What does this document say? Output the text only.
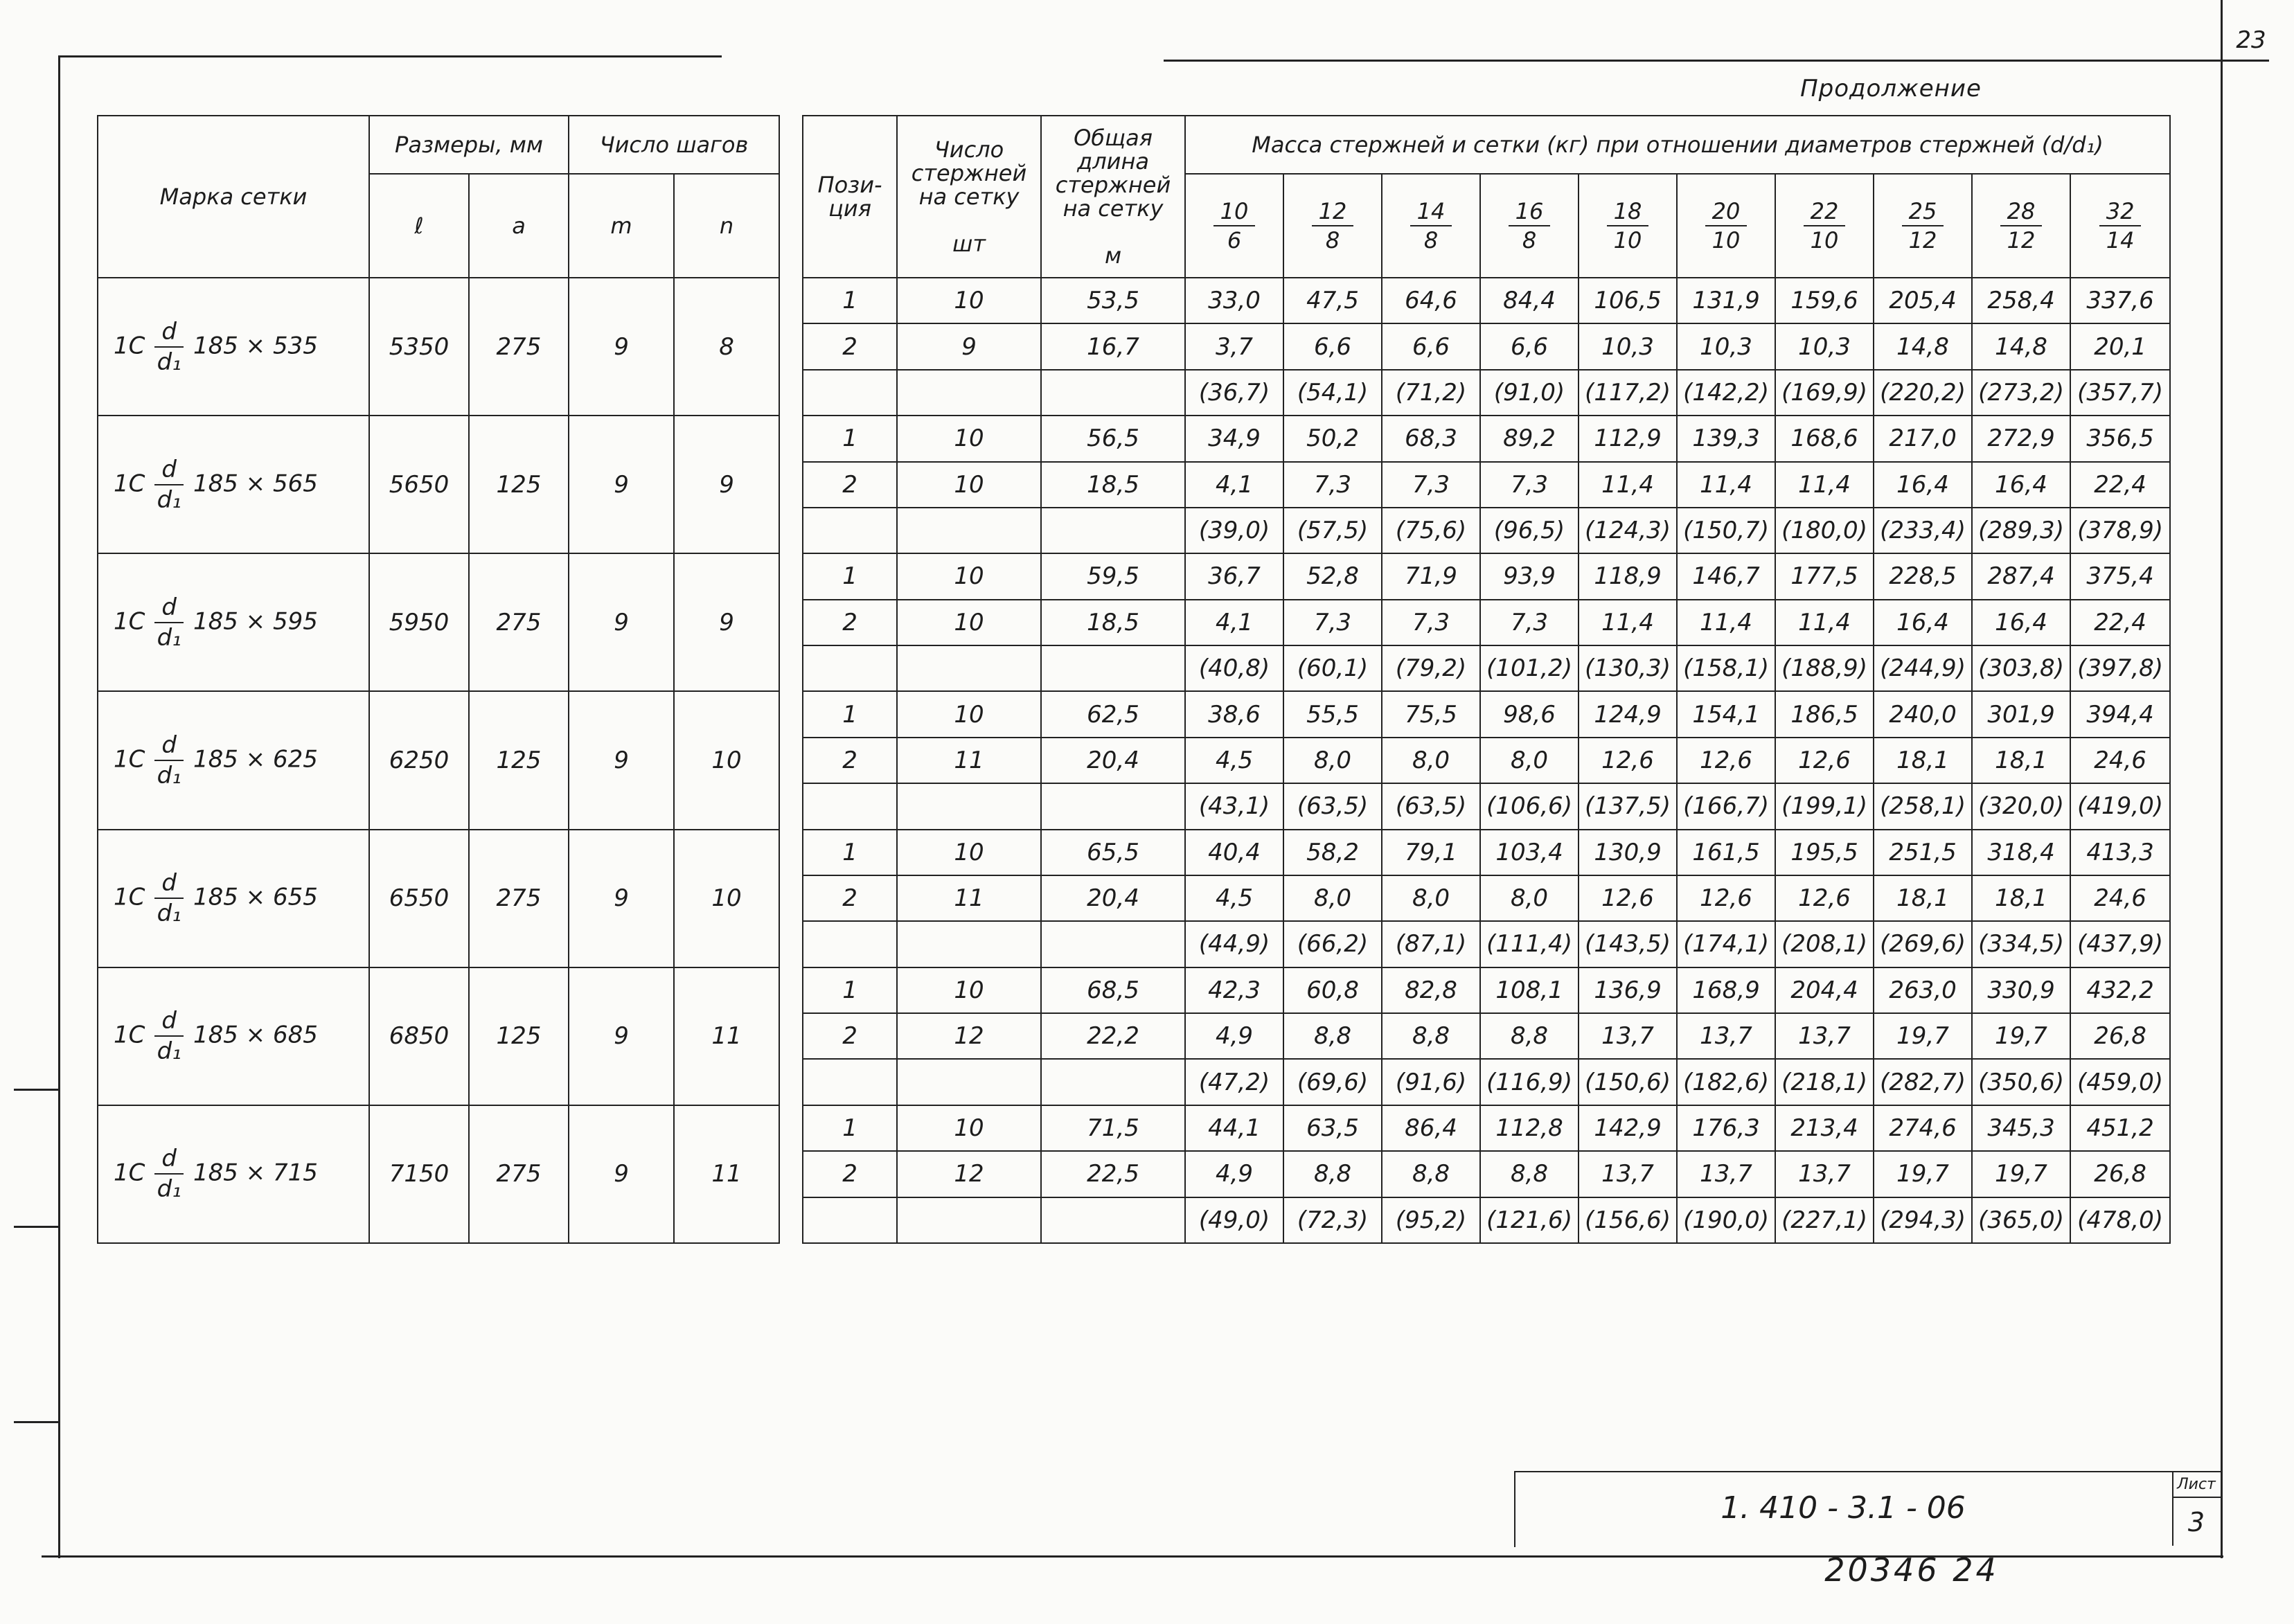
23
Продолжение
Марка сетки	Размеры, мм		Число шагов			Пози- ция	Число стержней на сетку

шт	Общая длина стержней на сетку

м	Масса стержней и сетки (кг) при отношении диаметров стержней (d/d₁)									
	ℓ	a	m	n					$\frac{10}{6}$	$\frac{12}{8}$	$\frac{14}{8}$	$\frac{16}{8}$	$\frac{18}{10}$	$\frac{20}{10}$	$\frac{22}{10}$	$\frac{25}{12}$	$\frac{28}{12}$	$\frac{32}{14}$

$1С \frac{d}{\text{d₁}} 185 \times 535$	5350	275	9	8		1	10	53,5	33,0	47,5	64,6	84,4	106,5	131,9	159,6	205,4	258,4	337,6
						2	9	16,7	3,7	6,6	6,6	6,6	10,3	10,3	10,3	14,8	14,8	20,1
									(36,7)	(54,1)	(71,2)	(91,0)	(117,2)	(142,2)	(169,9)	(220,2)	(273,2)	(357,7)
$1С \frac{d}{\text{d₁}} 185 \times 565$	5650	125	9	9		1	10	56,5	34,9	50,2	68,3	89,2	112,9	139,3	168,6	217,0	272,9	356,5
						2	10	18,5	4,1	7,3	7,3	7,3	11,4	11,4	11,4	16,4	16,4	22,4
									(39,0)	(57,5)	(75,6)	(96,5)	(124,3)	(150,7)	(180,0)	(233,4)	(289,3)	(378,9)
$1С \frac{d}{\text{d₁}} 185 \times 595$	5950	275	9	9		1	10	59,5	36,7	52,8	71,9	93,9	118,9	146,7	177,5	228,5	287,4	375,4
						2	10	18,5	4,1	7,3	7,3	7,3	11,4	11,4	11,4	16,4	16,4	22,4
									(40,8)	(60,1)	(79,2)	(101,2)	(130,3)	(158,1)	(188,9)	(244,9)	(303,8)	(397,8)
$1С \frac{d}{\text{d₁}} 185 \times 625$	6250	125	9	10		1	10	62,5	38,6	55,5	75,5	98,6	124,9	154,1	186,5	240,0	301,9	394,4
						2	11	20,4	4,5	8,0	8,0	8,0	12,6	12,6	12,6	18,1	18,1	24,6
									(43,1)	(63,5)	(63,5)	(106,6)	(137,5)	(166,7)	(199,1)	(258,1)	(320,0)	(419,0)
$1С \frac{d}{\text{d₁}} 185 \times 655$	6550	275	9	10		1	10	65,5	40,4	58,2	79,1	103,4	130,9	161,5	195,5	251,5	318,4	413,3
						2	11	20,4	4,5	8,0	8,0	8,0	12,6	12,6	12,6	18,1	18,1	24,6
									(44,9)	(66,2)	(87,1)	(111,4)	(143,5)	(174,1)	(208,1)	(269,6)	(334,5)	(437,9)
$1С \frac{d}{\text{d₁}} 185 \times 685$	6850	125	9	11		1	10	68,5	42,3	60,8	82,8	108,1	136,9	168,9	204,4	263,0	330,9	432,2
						2	12	22,2	4,9	8,8	8,8	8,8	13,7	13,7	13,7	19,7	19,7	26,8
									(47,2)	(69,6)	(91,6)	(116,9)	(150,6)	(182,6)	(218,1)	(282,7)	(350,6)	(459,0)
$1С \frac{d}{\text{d₁}} 185 \times 715$	7150	275	9	11		1	10	71,5	44,1	63,5	86,4	112,8	142,9	176,3	213,4	274,6	345,3	451,2
						2	12	22,5	4,9	8,8	8,8	8,8	13,7	13,7	13,7	19,7	19,7	26,8
									(49,0)	(72,3)	(95,2)	(121,6)	(156,6)	(190,0)	(227,1)	(294,3)	(365,0)	(478,0)
1. 410 - 3.1 - 06
Лист
3
20346 24
